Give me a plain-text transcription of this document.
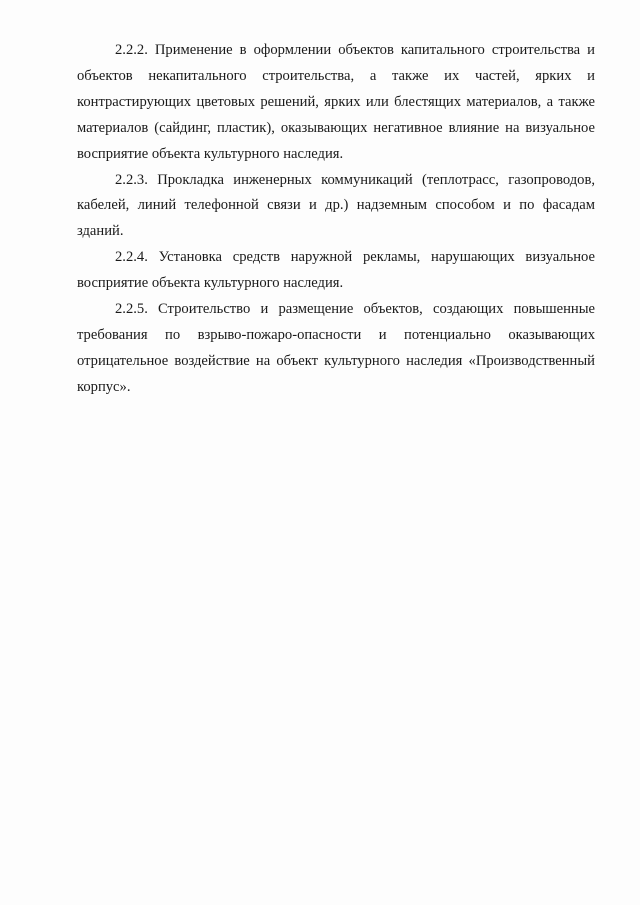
2.2.2. Применение в оформлении объектов капитального строительства и объектов некапитального строительства, а также их частей, ярких и контрастирующих цветовых решений, ярких или блестящих материалов, а также материалов (сайдинг, пластик), оказывающих негативное влияние на визуальное восприятие объекта культурного наследия.

2.2.3. Прокладка инженерных коммуникаций (теплотрасс, газопроводов, кабелей, линий телефонной связи и др.) надземным способом и по фасадам зданий.

2.2.4. Установка средств наружной рекламы, нарушающих визуальное восприятие объекта культурного наследия.

2.2.5. Строительство и размещение объектов, создающих повышенные требования по взрыво-пожаро-опасности и потенциально оказывающих отрицательное воздействие на объект культурного наследия «Производственный корпус».
